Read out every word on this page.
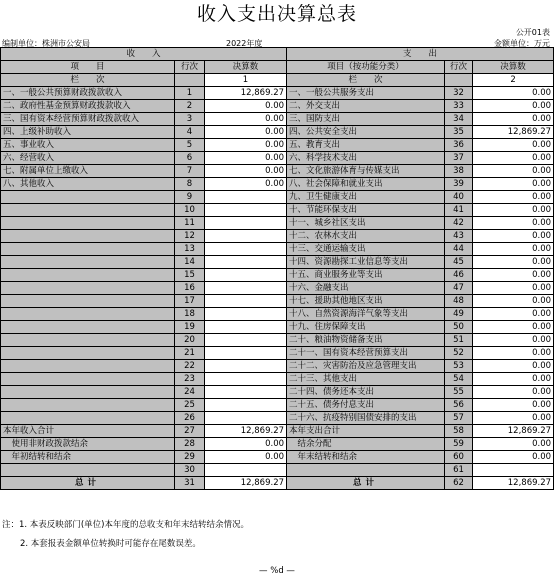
收入支出决算总表
公开01表
编制单位：株洲市公安局	2022年度	金额单位：万元
收　　入			支　　出		
项　　目	行次	决算数	项目（按功能分类）	行次	决算数
栏　　次		1	栏　　次		2
一、一般公共预算财政拨款收入	1	12,869.27	一、一般公共服务支出	32	0.00
二、政府性基金预算财政拨款收入	2	0.00	二、外交支出	33	0.00
三、国有资本经营预算财政拨款收入	3	0.00	三、国防支出	34	0.00
四、上级补助收入	4	0.00	四、公共安全支出	35	12,869.27
五、事业收入	5	0.00	五、教育支出	36	0.00
六、经营收入	6	0.00	六、科学技术支出	37	0.00
七、附属单位上缴收入	7	0.00	七、文化旅游体育与传媒支出	38	0.00
八、其他收入	8	0.00	八、社会保障和就业支出	39	0.00
	9		九、卫生健康支出	40	0.00
	10		十、节能环保支出	41	0.00
	11		十一、城乡社区支出	42	0.00
	12		十二、农林水支出	43	0.00
	13		十三、交通运输支出	44	0.00
	14		十四、资源勘探工业信息等支出	45	0.00
	15		十五、商业服务业等支出	46	0.00
	16		十六、金融支出	47	0.00
	17		十七、援助其他地区支出	48	0.00
	18		十八、自然资源海洋气象等支出	49	0.00
	19		十九、住房保障支出	50	0.00
	20		二十、粮油物资储备支出	51	0.00
	21		二十一、国有资本经营预算支出	52	0.00
	22		二十二、灾害防治及应急管理支出	53	0.00
	23		二十三、其他支出	54	0.00
	24		二十四、债务还本支出	55	0.00
	25		二十五、债务付息支出	56	0.00
	26		二十六、抗疫特别国债安排的支出	57	0.00
本年收入合计	27	12,869.27	本年支出合计	58	12,869.27
　使用非财政拨款结余	28	0.00	　结余分配	59	0.00
　年初结转和结余	29	0.00	　年末结转和结余	60	0.00
	30			61	
总计	31	12,869.27	总计	62	12,869.27
注：1. 本表反映部门(单位)本年度的总收支和年末结转结余情况。
2. 本套报表金额单位转换时可能存在尾数误差。
— %d —
